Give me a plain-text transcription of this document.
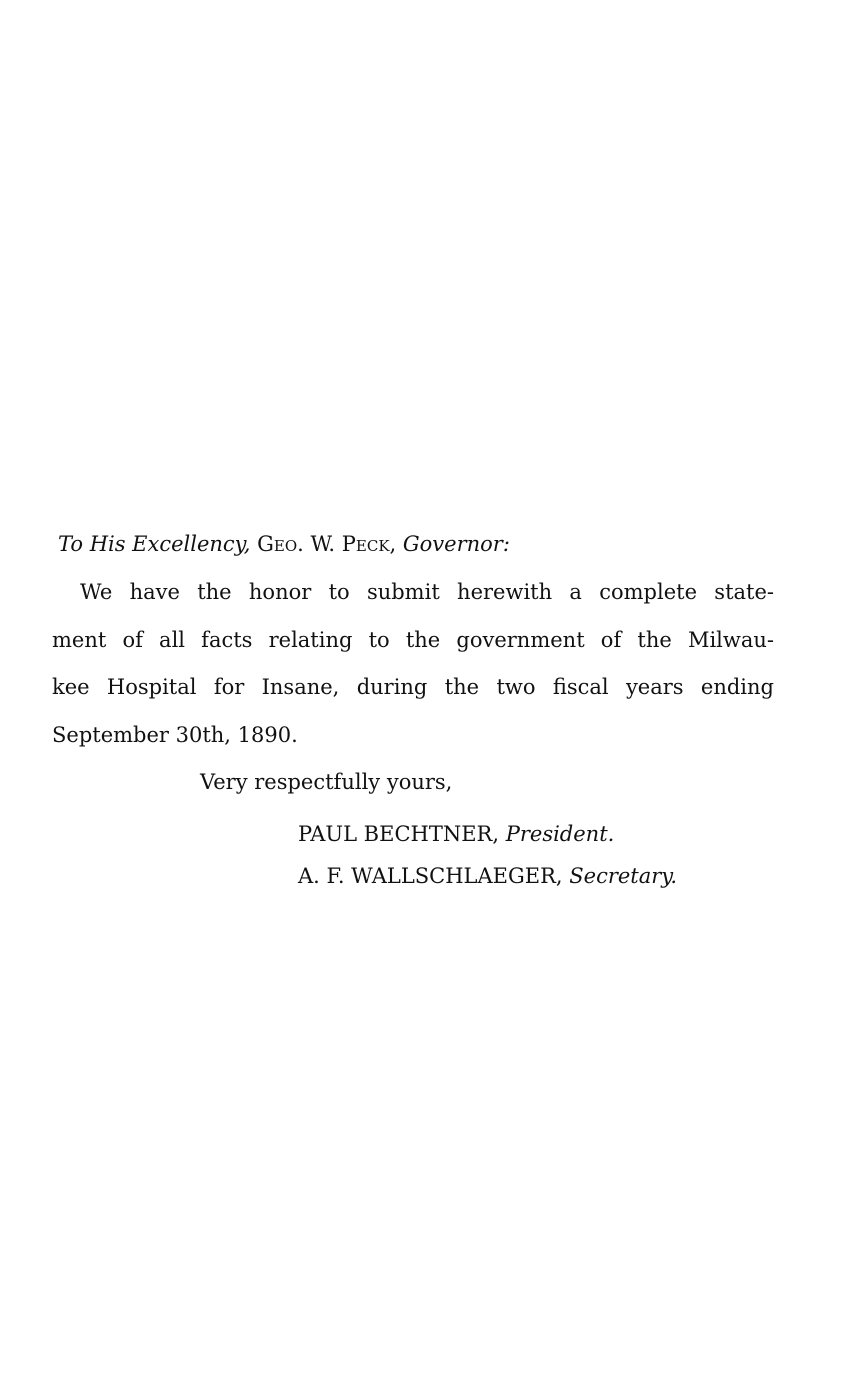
To His Excellency, Geo. W. Peck, Governor:
We have the honor to submit herewith a complete state-
ment of all facts relating to the government of the Milwau-
kee Hospital for Insane, during the two fiscal years ending
September 30th, 1890.
Very respectfully yours,
PAUL BECHTNER, President.
A. F. WALLSCHLAEGER, Secretary.
